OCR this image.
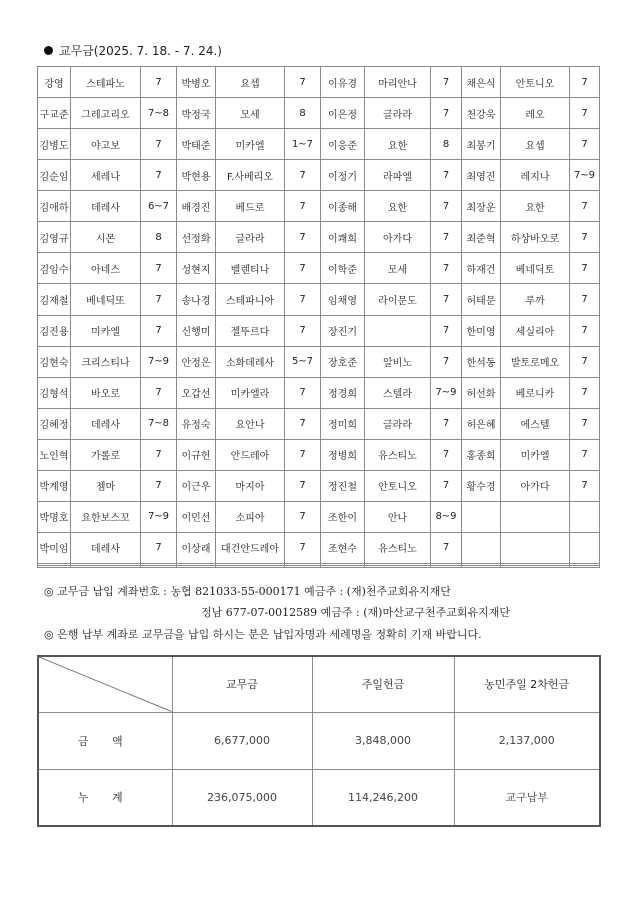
교무금(2025. 7. 18. - 7. 24.)
강영	스테파노	7	박병오	요셉	7	이유경	마리안나	7	채은식	안토니오	7
구교준	그레고리오	7~8	박정국	모세	8	이은정	글라라	7	천강욱	레오	7
김병도	야고보	7	박태준	미카엘	1~7	이응준	요한	8	최봉기	요셉	7
김순임	세레나	7	박현용	F.사베리오	7	이정기	라파엘	7	최영진	레지나	7~9
김애하	데레사	6~7	배경진	베드로	7	이종해	요한	7	최장운	요한	7
김영규	시몬	8	선정화	글라라	7	이쾌희	아가다	7	최준혁	하상바오로	7
김임수	아네스	7	성현지	벨렌티나	7	이학준	모세	7	하재건	베네딕토	7
김재철	베네딕또	7	송나경	스테파니아	7	임채영	라이문도	7	허태문	루까	7
김진용	미카엘	7	신행미	젤뚜르다	7	장진기		7	한미영	세실리아	7
김현숙	크리스티나	7~9	안정은	소화데레사	5~7	장호준	알비노	7	한석동	발토로메오	7
김형석	바오로	7	오갑선	미카엘라	7	정경희	스텔라	7~9	허선화	베로니카	7
김혜정	데레사	7~8	유정숙	요안나	7	정미희	글라라	7	허은혜	에스텔	7
노인혁	가롤로	7	이규헌	안드레아	7	정병희	유스티노	7	홍종희	미카엘	7
박계영	젬마	7	이근우	마지아	7	정진철	안토니오	7	황수경	아가다	7
박명호	요한보스꼬	7~9	이민선	소피아	7	조한이	안나	8~9			
박미임	데레사	7	이상래	대건안드레아	7	조현수	유스티노	7			

◎ 교무금 납입 계좌번호 : 농협 821033-55-000171 예금주 : (재)천주교회유지재단
정남 677-07-0012589 예금주 : (재)마산교구천주교회유지재단
◎ 은행 납부 계좌로 교무금을 납입 하시는 분은 납입자명과 세례명을 정확히 기재 바랍니다.
	교무금	주일헌금	농민주일 2차헌금
금 액	6,677,000	3,848,000	2,137,000
누 계	236,075,000	114,246,200	교구납부
